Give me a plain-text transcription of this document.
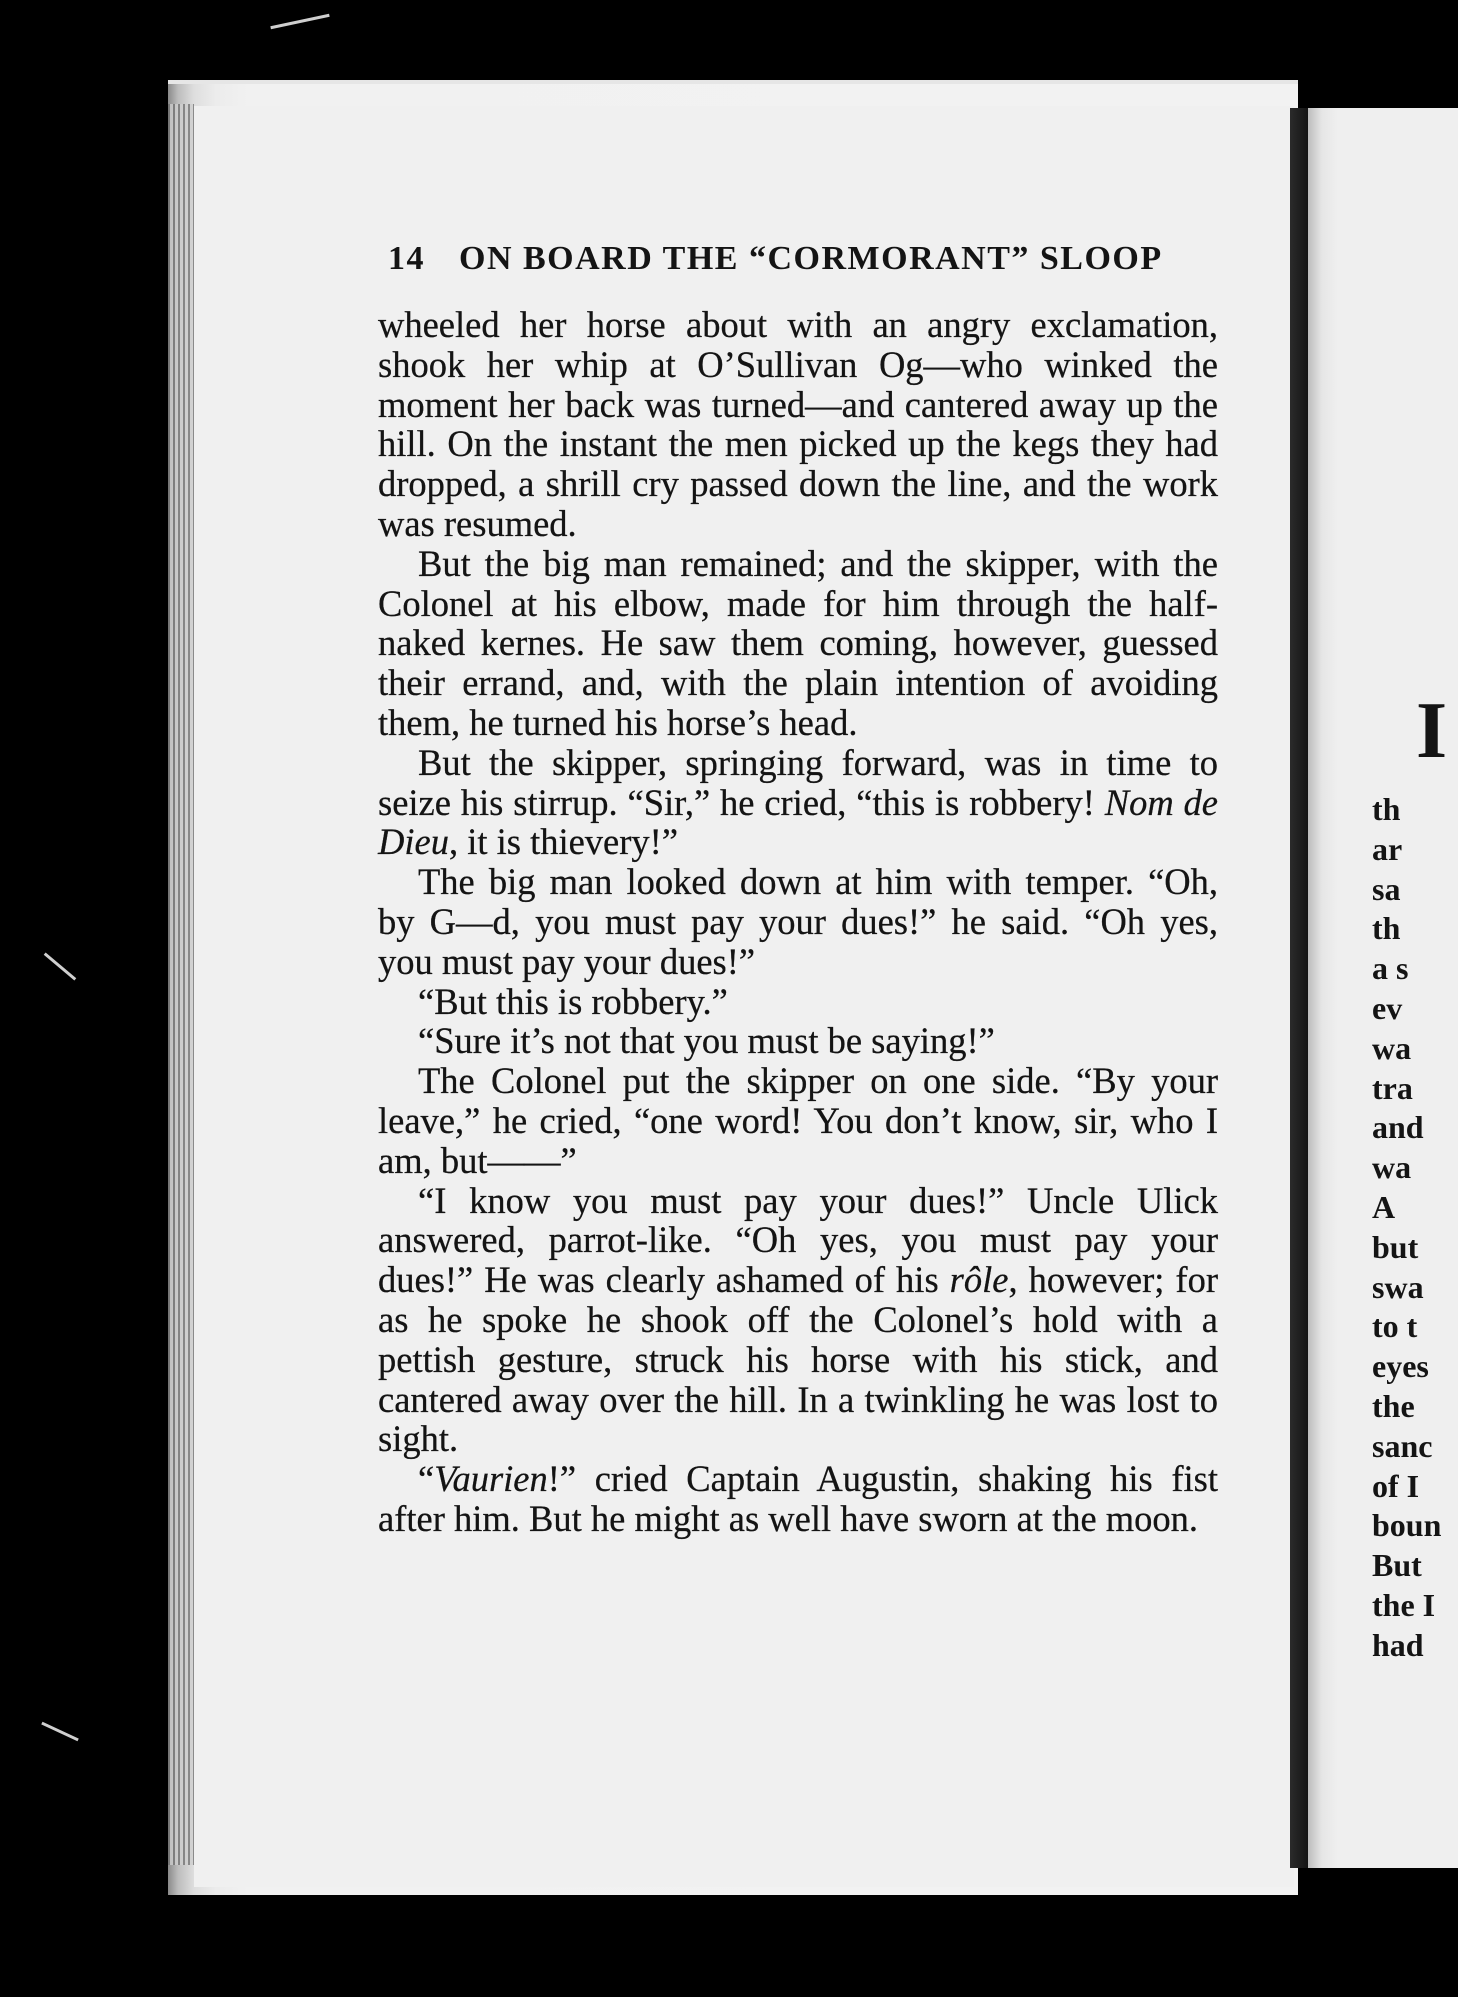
14 ON BOARD THE “CORMORANT” SLOOP

wheeled her horse about with an angry exclamation, shook her whip at O’Sullivan Og—who winked the moment her back was turned—and cantered away up the hill. On the instant the men picked up the kegs they had dropped, a shrill cry passed down the line, and the work was resumed.

But the big man remained; and the skipper, with the Colonel at his elbow, made for him through the half-naked kernes. He saw them coming, however, guessed their errand, and, with the plain intention of avoiding them, he turned his horse’s head.

But the skipper, springing forward, was in time to seize his stirrup. “Sir,” he cried, “this is robbery! Nom de Dieu, it is thievery!”

The big man looked down at him with temper. “Oh, by G—d, you must pay your dues!” he said. “Oh yes, you must pay your dues!”

“But this is robbery.”

“Sure it’s not that you must be saying!”

The Colonel put the skipper on one side. “By your leave,” he cried, “one word! You don’t know, sir, who I am, but——”

“I know you must pay your dues!” Uncle Ulick answered, parrot-like. “Oh yes, you must pay your dues!” He was clearly ashamed of his rôle, however; for as he spoke he shook off the Colonel’s hold with a pettish gesture, struck his horse with his stick, and cantered away over the hill. In a twinkling he was lost to sight.

“Vaurien!” cried Captain Augustin, shaking his fist after him. But he might as well have sworn at the moon.

I
th
ar
sa
th
a s
ev
wa
tra
and
wa
A
but
swa
to t
eyes
the
sanc
of I
boun
But
the I
had
